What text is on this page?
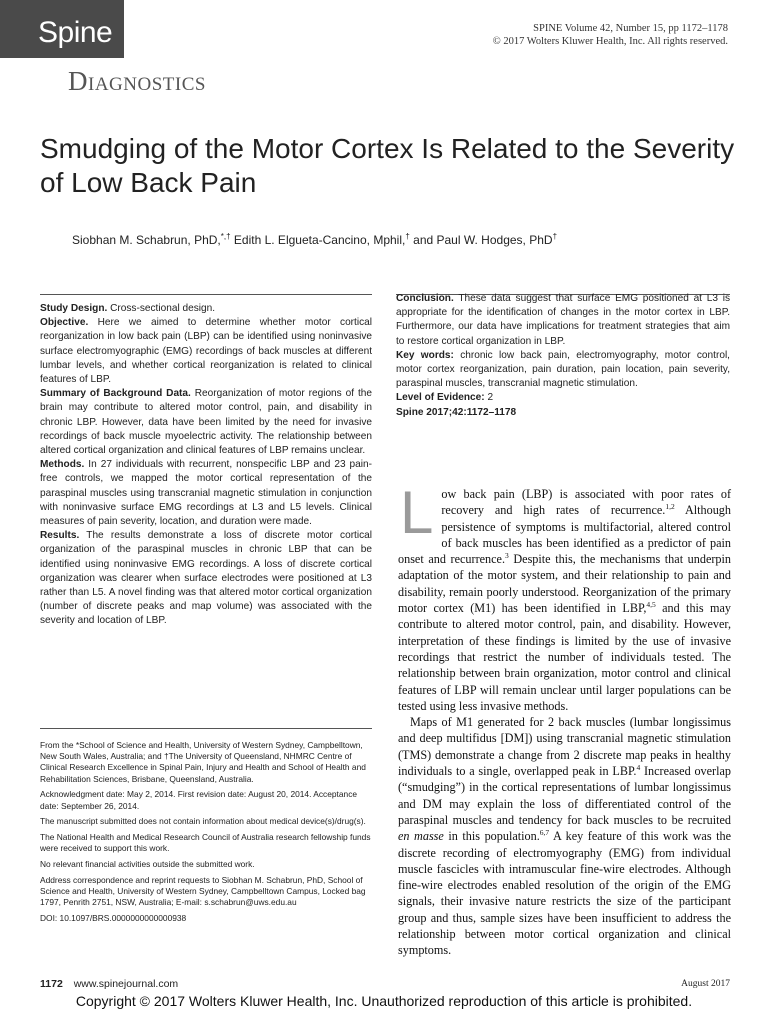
Spine	SPINE Volume 42, Number 15, pp 1172–1178
© 2017 Wolters Kluwer Health, Inc. All rights reserved.
Diagnostics
Smudging of the Motor Cortex Is Related to the Severity of Low Back Pain
Siobhan M. Schabrun, PhD,*,† Edith L. Elgueta-Cancino, Mphil,† and Paul W. Hodges, PhD†

Study Design. Cross-sectional design.

Objective. Here we aimed to determine whether motor cortical reorganization in low back pain (LBP) can be identified using noninvasive surface electromyographic (EMG) recordings of back muscles at different lumbar levels, and whether cortical reorganization is related to clinical features of LBP.

Summary of Background Data. Reorganization of motor regions of the brain may contribute to altered motor control, pain, and disability in chronic LBP. However, data have been limited by the need for invasive recordings of back muscle myoelectric activity. The relationship between altered cortical organization and clinical features of LBP remains unclear.

Methods. In 27 individuals with recurrent, nonspecific LBP and 23 pain-free controls, we mapped the motor cortical representation of the paraspinal muscles using transcranial magnetic stimulation in conjunction with noninvasive surface EMG recordings at L3 and L5 levels. Clinical measures of pain severity, location, and duration were made.

Results. The results demonstrate a loss of discrete motor cortical organization of the paraspinal muscles in chronic LBP that can be identified using noninvasive EMG recordings. A loss of discrete cortical organization was clearer when surface electrodes were positioned at L3 rather than L5. A novel finding was that altered motor cortical organization (number of discrete peaks and map volume) was associated with the severity and location of LBP.

Conclusion. These data suggest that surface EMG positioned at L3 is appropriate for the identification of changes in the motor cortex in LBP. Furthermore, our data have implications for treatment strategies that aim to restore cortical organization in LBP.

Key words: chronic low back pain, electromyography, motor control, motor cortex reorganization, pain duration, pain location, pain severity, paraspinal muscles, transcranial magnetic stimulation.

Level of Evidence: 2

Spine 2017;42:1172–1178

From the *School of Science and Health, University of Western Sydney, Campbelltown, New South Wales, Australia; and †The University of Queensland, NHMRC Centre of Clinical Research Excellence in Spinal Pain, Injury and Health and School of Health and Rehabilitation Sciences, Brisbane, Queensland, Australia.

Acknowledgment date: May 2, 2014. First revision date: August 20, 2014. Acceptance date: September 26, 2014.

The manuscript submitted does not contain information about medical device(s)/drug(s).

The National Health and Medical Research Council of Australia research fellowship funds were received to support this work.

No relevant financial activities outside the submitted work.

Address correspondence and reprint requests to Siobhan M. Schabrun, PhD, School of Science and Health, University of Western Sydney, Campbelltown Campus, Locked bag 1797, Penrith 2751, NSW, Australia; E-mail: s.schabrun@uws.edu.au

DOI: 10.1097/BRS.0000000000000938

Low back pain (LBP) is associated with poor rates of recovery and high rates of recurrence.$^{1,2}$ Although persistence of symptoms is multifactorial, altered control of back muscles has been identified as a predictor of pain onset and recurrence.$^3$ Despite this, the mechanisms that underpin adaptation of the motor system, and their relationship to pain and disability, remain poorly understood. Reorganization of the primary motor cortex (M1) has been identified in LBP,$^{4,5}$ and this may contribute to altered motor control, pain, and disability. However, interpretation of these findings is limited by the use of invasive recordings that restrict the number of individuals tested. The relationship between brain organization, motor control and clinical features of LBP will remain unclear until larger populations can be tested using less invasive methods.

Maps of M1 generated for 2 back muscles (lumbar longissimus and deep multifidus [DM]) using transcranial magnetic stimulation (TMS) demonstrate a change from 2 discrete map peaks in healthy individuals to a single, overlapped peak in LBP.$^4$ Increased overlap (“smudging”) in the cortical representations of lumbar longissimus and DM may explain the loss of differentiated control of the paraspinal muscles and tendency for back muscles to be recruited en masse in this population.$^{6,7}$ A key feature of this work was the discrete recording of electromyography (EMG) from individual muscle fascicles with intramuscular fine-wire electrodes. Although fine-wire electrodes enabled resolution of the origin of the EMG signals, their invasive nature restricts the size of the participant group and thus, sample sizes have been insufficient to address the relationship between motor cortical organization and clinical symptoms.

1172 www.spinejournal.com	August 2017
Copyright © 2017 Wolters Kluwer Health, Inc. Unauthorized reproduction of this article is prohibited.
